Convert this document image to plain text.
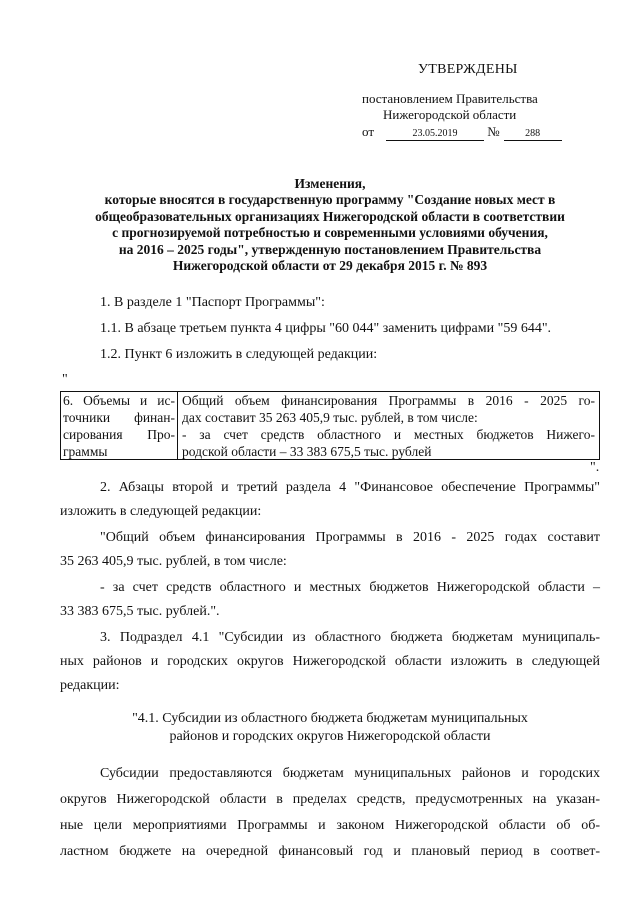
УТВЕРЖДЕНЫ
постановлением Правительства
Нижегородской области
от	23.05.2019 №	288
Изменения,
которые вносятся в государственную программу "Создание новых мест в
общеобразовательных организациях Нижегородской области в соответствии
с прогнозируемой потребностью и современными условиями обучения,
на 2016 – 2025 годы", утвержденную постановлением Правительства
Нижегородской области от 29 декабря 2015 г. № 893
1. В разделе 1 "Паспорт Программы":
1.1. В абзаце третьем пункта 4 цифры "60 044" заменить цифрами "59 644".
1.2. Пункт 6 изложить в следующей редакции:
"
6. Объемы и ис-
точники финан-
сирования Про-
граммы
Общий объем финансирования Программы в 2016 - 2025 го-
дах составит 35 263 405,9 тыс. рублей, в том числе:
- за счет средств областного и местных бюджетов Нижего-
родской области – 33 383 675,5 тыс. рублей
".
2. Абзацы второй и третий раздела 4 "Финансовое обеспечение Программы"
изложить в следующей редакции:
"Общий объем финансирования Программы в 2016 - 2025 годах составит
35 263 405,9 тыс. рублей, в том числе:
- за счет средств областного и местных бюджетов Нижегородской области –
33 383 675,5 тыс. рублей.".
3. Подраздел 4.1 "Субсидии из областного бюджета бюджетам муниципаль-
ных районов и городских округов Нижегородской области изложить в следующей
редакции:
"4.1. Субсидии из областного бюджета бюджетам муниципальных
районов и городских округов Нижегородской области
Субсидии предоставляются бюджетам муниципальных районов и городских
округов Нижегородской области в пределах средств, предусмотренных на указан-
ные цели мероприятиями Программы и законом Нижегородской области об об-
ластном бюджете на очередной финансовый год и плановый период в соответ-
